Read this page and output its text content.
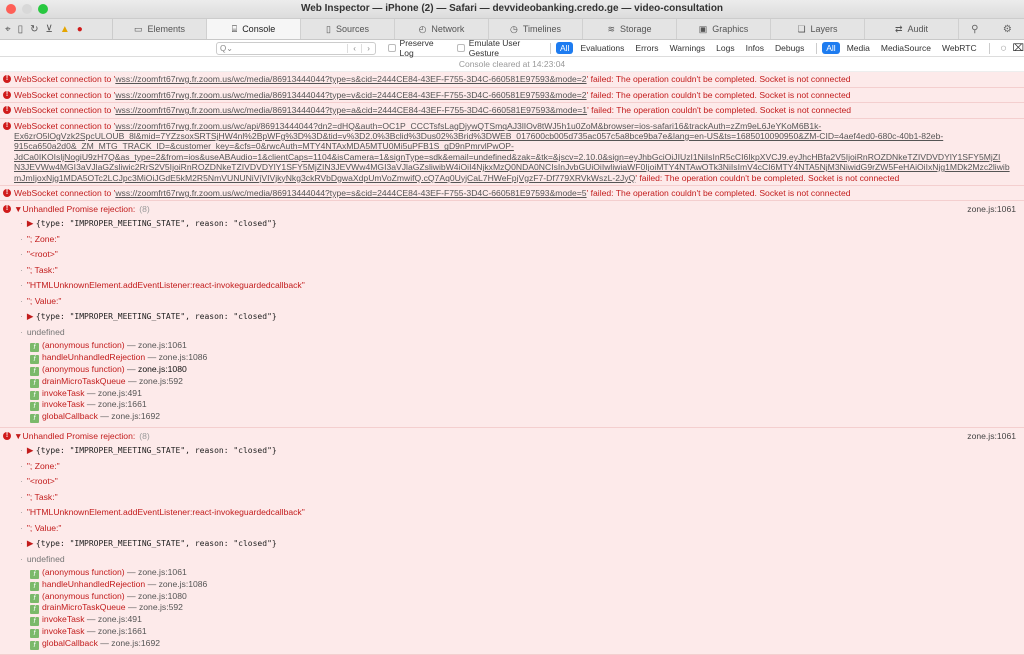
Web Inspector — iPhone (2) — Safari — devvideobanking.credo.ge — video-consultation
⌖ ▯ ↻ ⊻ ▲ ●	▭ Elements	⌸ Console	▯ Sources	◴ Network	◷ Timelines	≋ Storage	▣ Graphics	❏ Layers	⇄ Audit	⚲ ⚙
Q⌄	‹	›	Preserve Log
Emulate User Gesture	All	Evaluations	Errors	Warnings	Logs	Infos	Debugs	All	Media	MediaSource	WebRTC	◌ ⌧
Console cleared at 14:23:04
! WebSocket connection to 'wss://zoomfrt67rwg.fr.zoom.us/wc/media/86913444044?type=s&cid=2444CE84-43EF-F755-3D4C-660581E97593&mode=2' failed: The operation couldn't be completed. Socket is not connected
! WebSocket connection to 'wss://zoomfrt67rwg.fr.zoom.us/wc/media/86913444044?type=v&cid=2444CE84-43EF-F755-3D4C-660581E97593&mode=2' failed: The operation couldn't be completed. Socket is not connected
! WebSocket connection to 'wss://zoomfrt67rwg.fr.zoom.us/wc/media/86913444044?type=a&cid=2444CE84-43EF-F755-3D4C-660581E97593&mode=1' failed: The operation couldn't be completed. Socket is not connected
! WebSocket connection to 'wss://zoomfrt67rwg.fr.zoom.us/wc/api/86913444044?dn2=dHQ&auth=OC1P_CCCTsfsLagDjywQTSmqAJ3lIOv8tWJ5h1u0ZoM&browser=ios-safari16&trackAuth=zZm9eL6JeYKoM6B1k-
Ex6zrO5lOgVzk2SpcULOUB_8l&mid=7YZzsoxSRTSjHW4nl%2BpWFg%3D%3D&tid=v%3D2.0%3Bclid%3Dus02%3Brid%3DWEB_017600cb005d735ac057c5a8bce9ba7e&lang=en-US&ts=1685010090950&ZM-CID=4aef4ed0-680c-40b1-82eb-
915ca650a2d0&_ZM_MTG_TRACK_ID=&customer_key=&cfs=0&rwcAuth=MTY4NTAxMDA5MTU0Mi5uPFB1S_gD9nPmrvlPwOP-
JdCa0IKOIsljNogiU9zH7Q&as_type=2&from=ios&useABAudio=1&clientCaps=1104&isCamera=1&signType=sdk&email=undefined&zak=&tk=&jscv=2.10.0&sign=eyJhbGciOiJIUzI1NiIsInR5cCI6IkpXVCJ9.eyJhcHBfa2V5IjoiRnROZDNkeTZIVDVDYlY1SFY5MjZI
N3JEVWw4MGI3aVJlaGZsliwic2RrS2V5IjoiRnROZDNkeTZIVDVDYlY1SFY5MjZIN3JEVWw4MGI3aVJlaGZsliwibW4iOiI4NjkxMzQ0NDA0NCIsInJvbGUiOiIwliwiaWF0IjoiMTY4NTAwOTk3NiIsImV4cCI6MTY4NTA5NjM3NiwidG9rZW5FeHAiOiIxNjg1MDk2Mzc2liwib
mJmIjoxNjg1MDA5OTc2LCJpc3MiOiJGdE5kM2R5NmVUNUNiVjVIVjkyNkg3ckRVbDgwaXdpUmVoZmwifQ.cQ7Aq0UyjCaL7HWeFpjVgzF7-Df779XRVkWszL-2JyQ' failed: The operation couldn't be completed. Socket is not connected
! WebSocket connection to 'wss://zoomfrt67rwg.fr.zoom.us/wc/media/86913444044?type=s&cid=2444CE84-43EF-F755-3D4C-660581E97593&mode=5' failed: The operation couldn't be completed. Socket is not connected
! ▼ Unhandled Promise rejection: (8)	zone.js:1061
· ▶ {type: "IMPROPER_MEETING_STATE", reason: "closed"}
· "; Zone:"
· "<root>"
· "; Task:"
· "HTMLUnknownElement.addEventListener:react-invokeguardedcallback"
· "; Value:"
· ▶ {type: "IMPROPER_MEETING_STATE", reason: "closed"}
· undefined
f (anonymous function) — zone.js:1061
f handleUnhandledRejection — zone.js:1086
f (anonymous function) — zone.js:1080
f drainMicroTaskQueue — zone.js:592
f invokeTask — zone.js:491
f invokeTask — zone.js:1661
f globalCallback — zone.js:1692
! ▼ Unhandled Promise rejection: (8)	zone.js:1061
· ▶ {type: "IMPROPER_MEETING_STATE", reason: "closed"}
· "; Zone:"
· "<root>"
· "; Task:"
· "HTMLUnknownElement.addEventListener:react-invokeguardedcallback"
· "; Value:"
· ▶ {type: "IMPROPER_MEETING_STATE", reason: "closed"}
· undefined
f (anonymous function) — zone.js:1061
f handleUnhandledRejection — zone.js:1086
f (anonymous function) — zone.js:1080
f drainMicroTaskQueue — zone.js:592
f invokeTask — zone.js:491
f invokeTask — zone.js:1661
f globalCallback — zone.js:1692
